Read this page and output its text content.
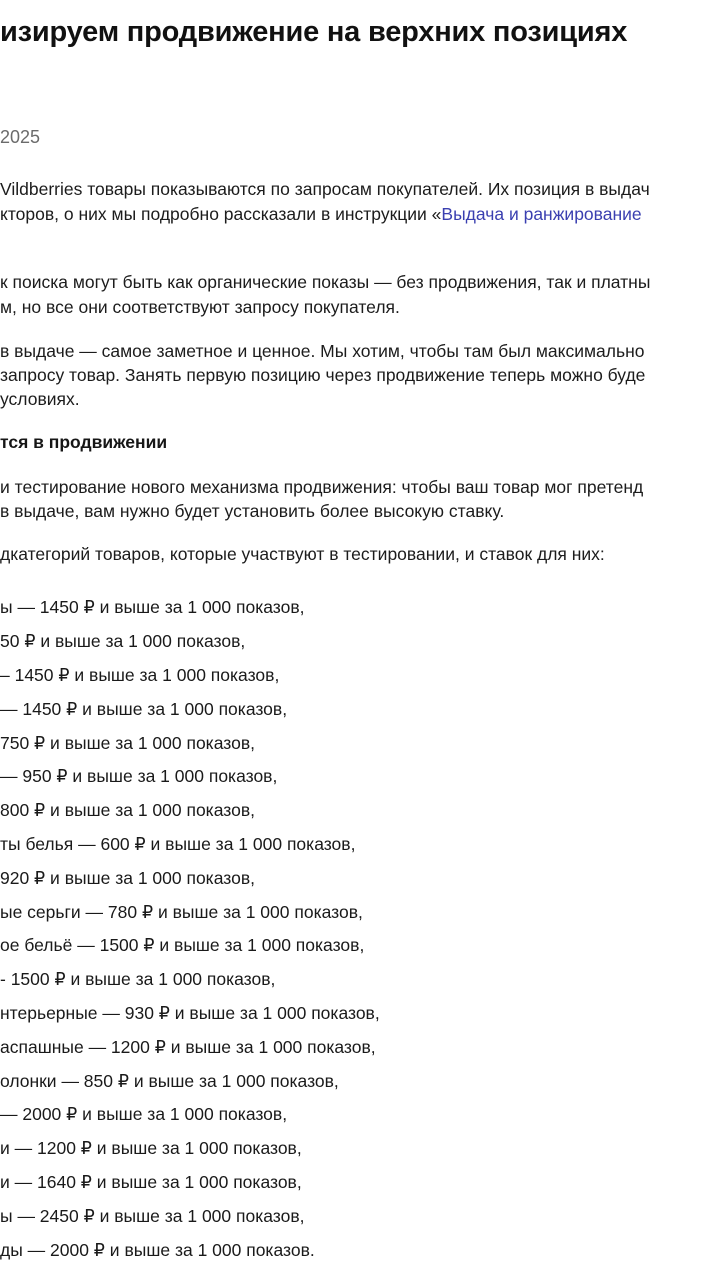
изируем продвижение на верхних позициях
2025
Vildberries товары показываются по запросам покупателей. Их позиция в выдач
кторов, о них мы подробно рассказали в инструкции «Выдача и ранжирование
к поиска могут быть как органические показы — без продвижения, так и платны
м, но все они соответствуют запросу покупателя.
в выдаче — самое заметное и ценное. Мы хотим, чтобы там был максимально
запросу товар. Занять первую позицию через продвижение теперь можно буде
условиях.
тся в продвижении
и тестирование нового механизма продвижения: чтобы ваш товар мог претенд
в выдаче, вам нужно будет установить более высокую ставку.
дкатегорий товаров, которые участвуют в тестировании, и ставок для них:
ы — 1450 ₽ и выше за 1 000 показов,
50 ₽ и выше за 1 000 показов,
– 1450 ₽ и выше за 1 000 показов,
— 1450 ₽ и выше за 1 000 показов,
750 ₽ и выше за 1 000 показов,
— 950 ₽ и выше за 1 000 показов,
800 ₽ и выше за 1 000 показов,
ты белья — 600 ₽ и выше за 1 000 показов,
920 ₽ и выше за 1 000 показов,
ые серьги — 780 ₽ и выше за 1 000 показов,
ое бельё — 1500 ₽ и выше за 1 000 показов,
- 1500 ₽ и выше за 1 000 показов,
нтерьерные — 930 ₽ и выше за 1 000 показов,
аспашные — 1200 ₽ и выше за 1 000 показов,
олонки — 850 ₽ и выше за 1 000 показов,
— 2000 ₽ и выше за 1 000 показов,
и — 1200 ₽ и выше за 1 000 показов,
и — 1640 ₽ и выше за 1 000 показов,
ы — 2450 ₽ и выше за 1 000 показов,
ды — 2000 ₽ и выше за 1 000 показов.
